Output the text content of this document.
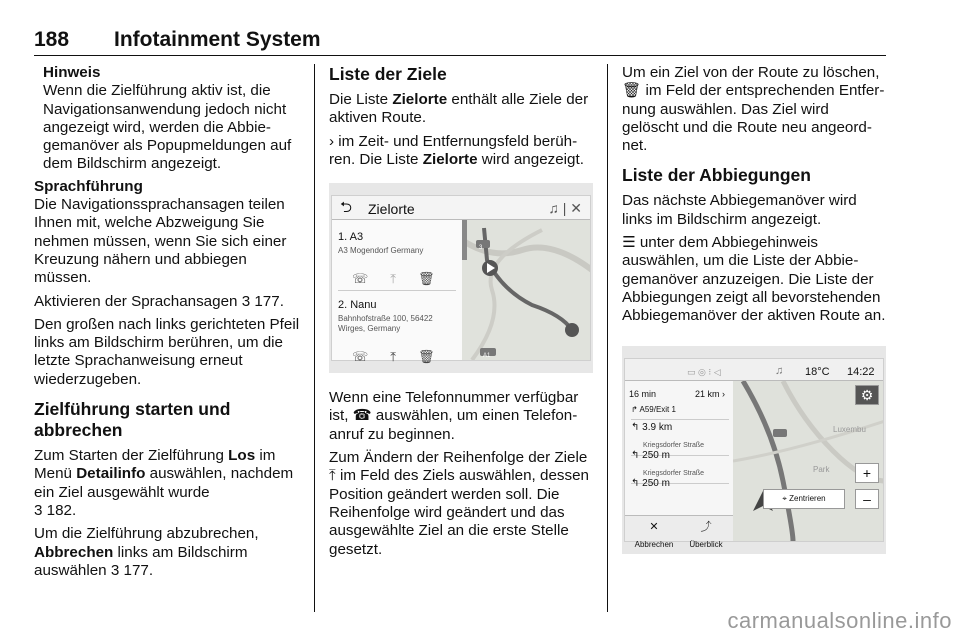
188 Infotainment System
Hinweis
Wenn die Zielführung aktiv ist, die Navigationsanwendung jedoch nicht angezeigt wird, werden die Abbiegemanöver als Popupmeldungen auf dem Bildschirm angezeigt.
Sprachführung

Die Navigationssprachansagen teilen Ihnen mit, welche Abzweigung Sie nehmen müssen, wenn Sie sich einer Kreuzung nähern und abbiegen müssen.

Aktivieren der Sprachansagen 3 177.

Den großen nach links gerichteten Pfeil links am Bildschirm berühren, um die letzte Sprachanweisung erneut wiederzugeben.

Zielführung starten und abbrechen

Zum Starten der Zielführung Los im Menü Detailinfo auswählen, nachdem ein Ziel ausgewählt wurde
3 182.

Um die Zielführung abzubrechen, Abbrechen links am Bildschirm auswählen 3 177.

Liste der Ziele

Die Liste Zielorte enthält alle Ziele der aktiven Route.

› im Zeit- und Entfernungsfeld berühren. Die Liste Zielorte wird angezeigt.

⮌ Zielorte	♫ | ✕
1. A3
A3 Mogendorf Germany
☏⤒🗑
2. Nanu
Bahnhofstraße 100, 56422
Wirges, Germany
☏⤒🗑
3
A1

Wenn eine Telefonnummer verfügbar ist, ☎ auswählen, um einen Telefonanruf zu beginnen.

Zum Ändern der Reihenfolge der Ziele ⤒ im Feld des Ziels auswählen, dessen Position geändert werden soll. Die Reihenfolge wird geändert und das ausgewählte Ziel an die erste Stelle gesetzt.

Um ein Ziel von der Route zu löschen, 🗑 im Feld der entsprechenden Entfernung auswählen. Das Ziel wird gelöscht und die Route neu angeordnet.

Liste der Abbiegungen

Das nächste Abbiegemanöver wird links im Bildschirm angezeigt.

☰ unter dem Abbiegehinweis auswählen, um die Liste der Abbiegemanöver anzuzeigen. Die Liste der Abbiegungen zeigt all bevorstehenden Abbiegemanöver der aktiven Route an.

▭ ◎ ⁝ ◁	♫ 18°C 14:22
16 min	21 km ›
↱ A59/Exit 1
↰ 3.9 km
Kriegsdorfer Straße
↰ 250 m
Kriegsdorfer Straße
↰ 250 m
✕
Abbrechen
⤴
Überblick
Luxembu
Park
⚙
+
–
⌖ Zentrieren
carmanualsonline.info
